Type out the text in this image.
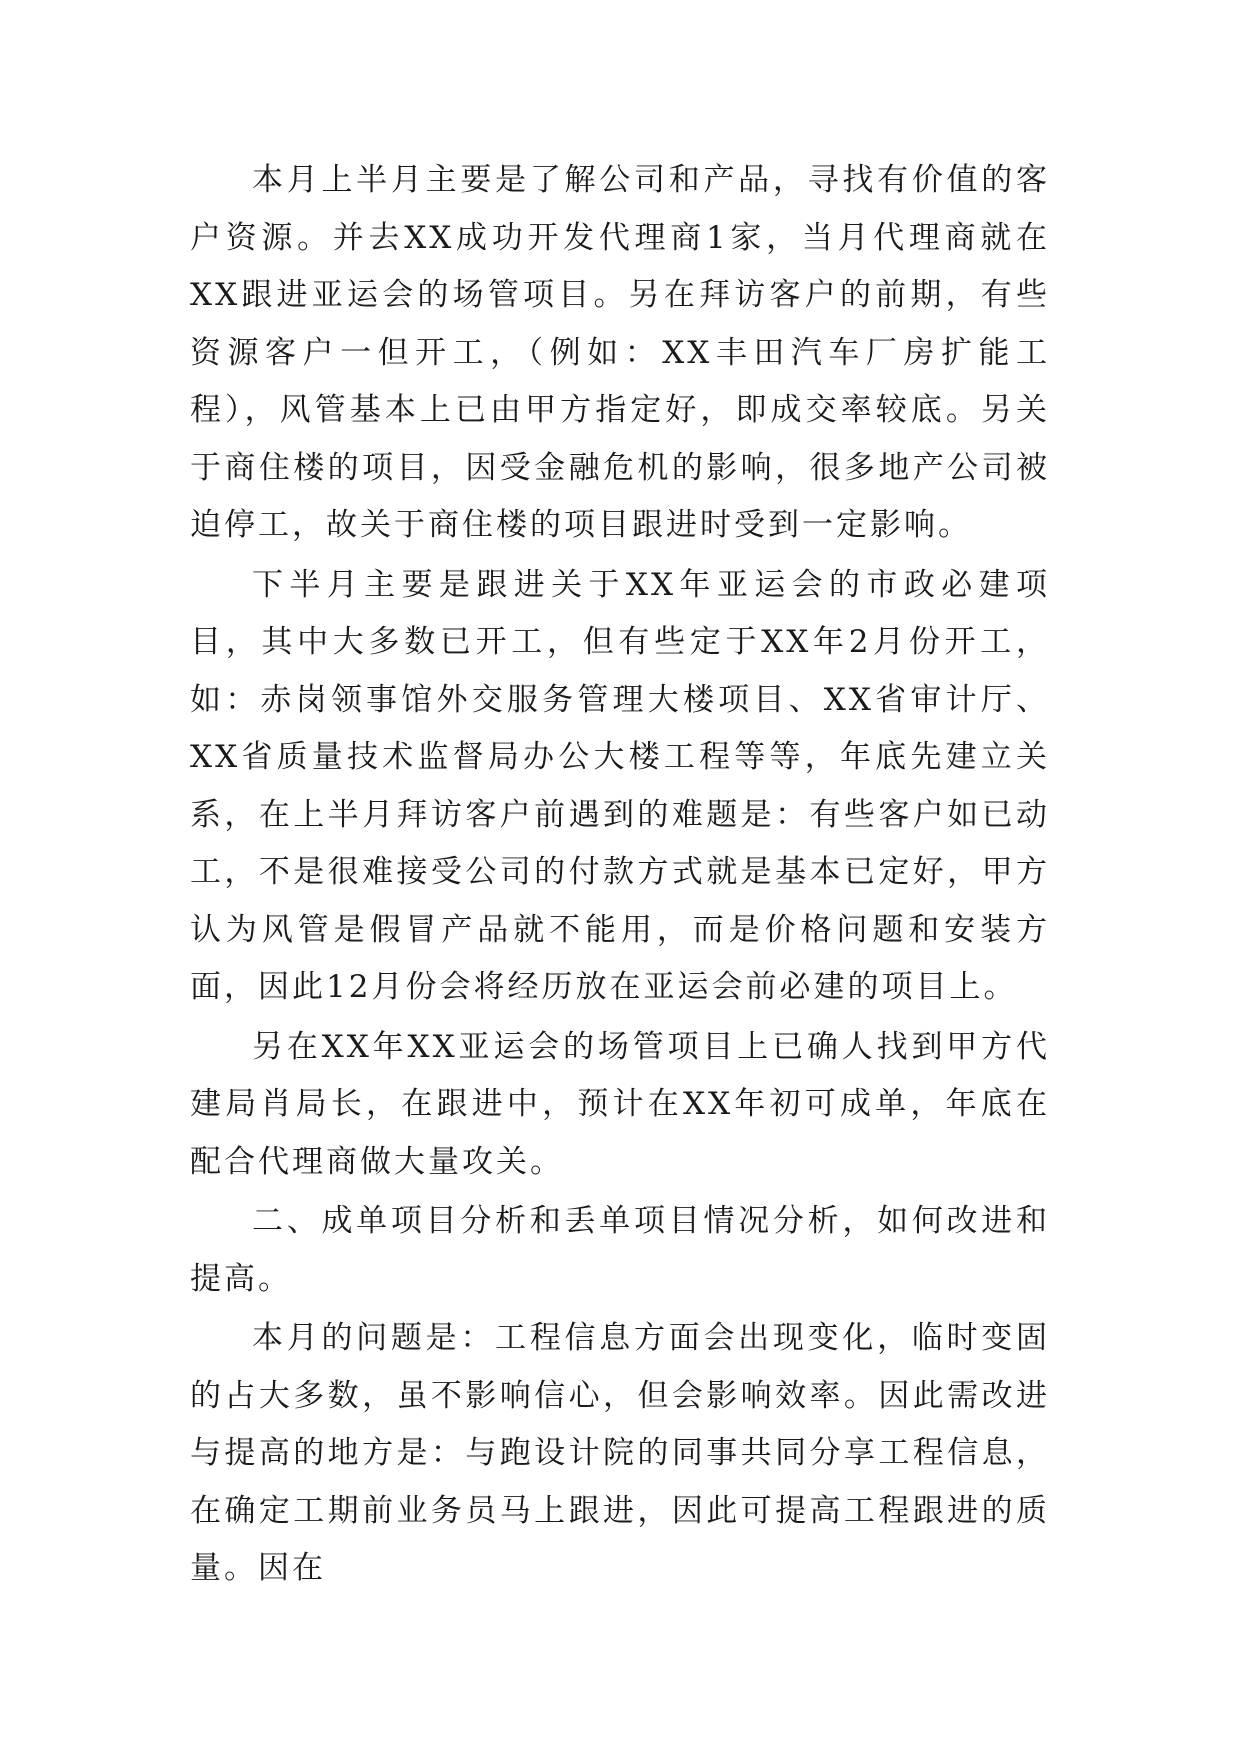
本月上半月主要是了解公司和产品，寻找有价值的客户资源。并去XX成功开发代理商1家，当月代理商就在XX跟进亚运会的场管项目。另在拜访客户的前期，有些资源客户一但开工，（例如：XX丰田汽车厂房扩能工程），风管基本上已由甲方指定好，即成交率较底。另关于商住楼的项目，因受金融危机的影响，很多地产公司被迫停工，故关于商住楼的项目跟进时受到一定影响。

下半月主要是跟进关于XX年亚运会的市政必建项目，其中大多数已开工，但有些定于XX年2月份开工，如：赤岗领事馆外交服务管理大楼项目、XX省审计厅、XX省质量技术监督局办公大楼工程等等，年底先建立关系，在上半月拜访客户前遇到的难题是：有些客户如已动工，不是很难接受公司的付款方式就是基本已定好，甲方认为风管是假冒产品就不能用，而是价格问题和安装方面，因此12月份会将经历放在亚运会前必建的项目上。

另在XX年XX亚运会的场管项目上已确人找到甲方代建局肖局长，在跟进中，预计在XX年初可成单，年底在配合代理商做大量攻关。

二、成单项目分析和丢单项目情况分析，如何改进和提高。

本月的问题是：工程信息方面会出现变化，临时变固的占大多数，虽不影响信心，但会影响效率。因此需改进与提高的地方是：与跑设计院的同事共同分享工程信息，在确定工期前业务员马上跟进，因此可提高工程跟进的质量。因在
